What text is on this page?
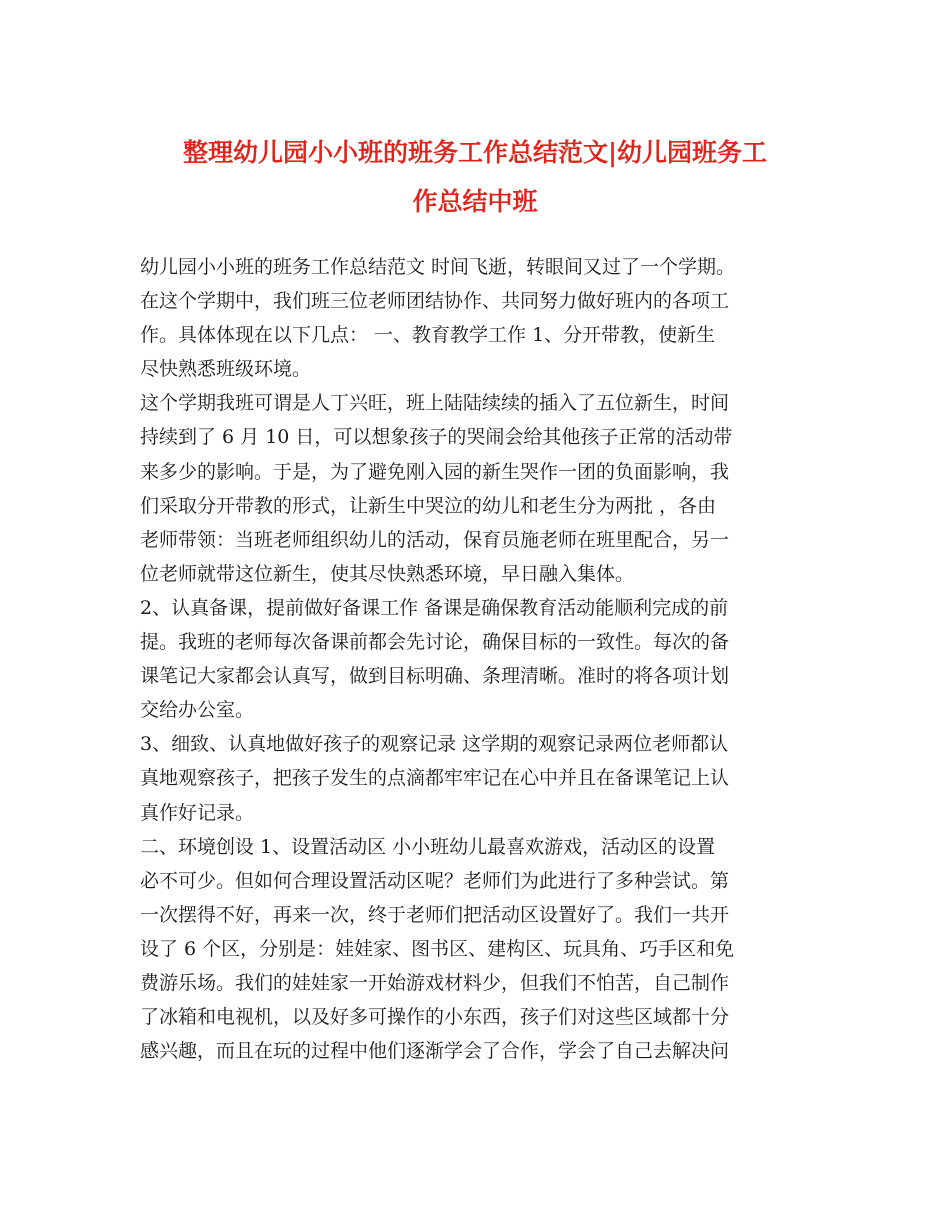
整理幼儿园小小班的班务工作总结范文|幼儿园班务工
作总结中班
幼儿园小小班的班务工作总结范文 时间飞逝，转眼间又过了一个学期。
在这个学期中，我们班三位老师团结协作、共同努力做好班内的各项工
作。具体体现在以下几点： 一、教育教学工作 1、分开带教，使新生
尽快熟悉班级环境。
这个学期我班可谓是人丁兴旺，班上陆陆续续的插入了五位新生，时间
持续到了 6 月 10 日，可以想象孩子的哭闹会给其他孩子正常的活动带
来多少的影响。于是，为了避免刚入园的新生哭作一团的负面影响，我
们采取分开带教的形式，让新生中哭泣的幼儿和老生分为两批 ，各由
老师带领：当班老师组织幼儿的活动，保育员施老师在班里配合，另一
位老师就带这位新生，使其尽快熟悉环境，早日融入集体。
2、认真备课，提前做好备课工作 备课是确保教育活动能顺利完成的前
提。我班的老师每次备课前都会先讨论，确保目标的一致性。每次的备
课笔记大家都会认真写，做到目标明确、条理清晰。准时的将各项计划
交给办公室。
3、细致、认真地做好孩子的观察记录 这学期的观察记录两位老师都认
真地观察孩子，把孩子发生的点滴都牢牢记在心中并且在备课笔记上认
真作好记录。
二、环境创设 1、设置活动区 小小班幼儿最喜欢游戏，活动区的设置
必不可少。但如何合理设置活动区呢？老师们为此进行了多种尝试。第
一次摆得不好，再来一次，终于老师们把活动区设置好了。我们一共开
设了 6 个区，分别是：娃娃家、图书区、建构区、玩具角、巧手区和免
费游乐场。我们的娃娃家一开始游戏材料少，但我们不怕苦，自己制作
了冰箱和电视机，以及好多可操作的小东西，孩子们对这些区域都十分
感兴趣，而且在玩的过程中他们逐渐学会了合作，学会了自己去解决问
